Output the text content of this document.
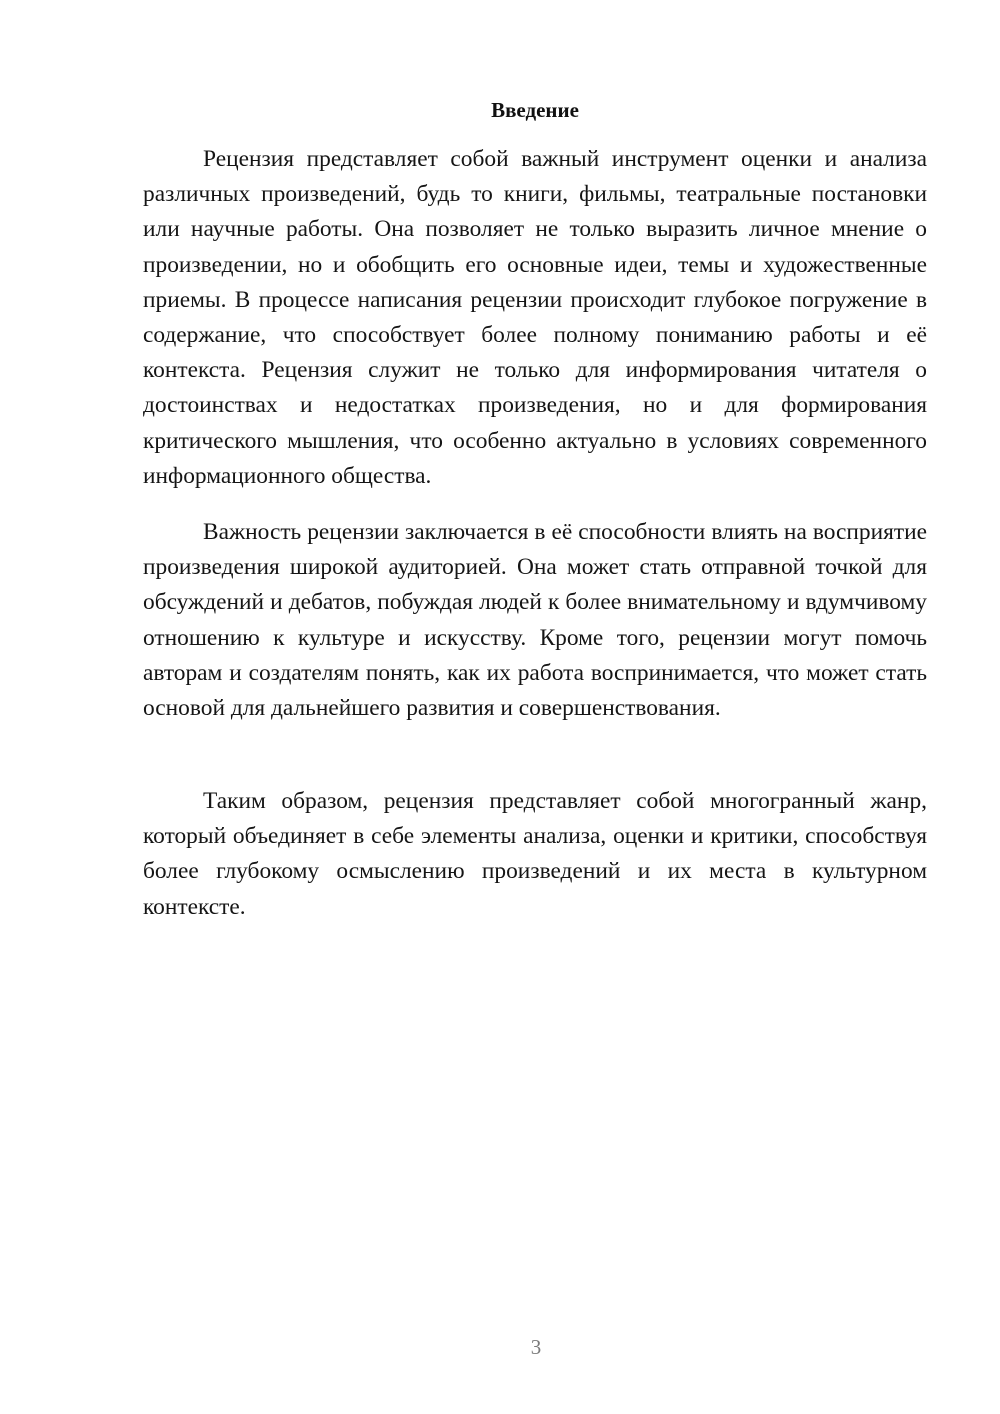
Введение

Рецензия представляет собой важный инструмент оценки и анализа различных произведений, будь то книги, фильмы, театральные постановки или научные работы. Она позволяет не только выразить личное мнение о произведении, но и обобщить его основные идеи, темы и художественные приемы. В процессе написания рецензии происходит глубокое погружение в содержание, что способствует более полному пониманию работы и её контекста. Рецензия служит не только для информирования читателя о достоинствах и недостатках произведения, но и для формирования критического мышления, что особенно актуально в условиях современного информационного общества.

Важность рецензии заключается в её способности влиять на восприятие произведения широкой аудиторией. Она может стать отправной точкой для обсуждений и дебатов, побуждая людей к более внимательному и вдумчивому отношению к культуре и искусству. Кроме того, рецензии могут помочь авторам и создателям понять, как их работа воспринимается, что может стать основой для дальнейшего развития и совершенствования.

Таким образом, рецензия представляет собой многогранный жанр, который объединяет в себе элементы анализа, оценки и критики, способствуя более глубокому осмыслению произведений и их места в культурном контексте.

3
